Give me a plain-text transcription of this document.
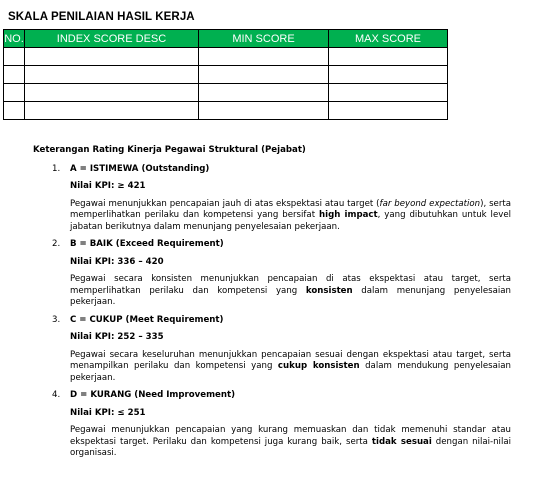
SKALA PENILAIAN HASIL KERJA
NO.	INDEX SCORE DESC	MIN SCORE	MAX SCORE

Keterangan Rating Kinerja Pegawai Struktural (Pejabat)
1. A = ISTIMEWA (Outstanding)
Nilai KPI: ≥ 421
Pegawai menunjukkan pencapaian jauh di atas ekspektasi atau target (far beyond expectation), serta memperlihatkan perilaku dan kompetensi yang bersifat high impact, yang dibutuhkan untuk level jabatan berikutnya dalam menunjang penyelesaian pekerjaan.
2. B = BAIK (Exceed Requirement)
Nilai KPI: 336 – 420
Pegawai secara konsisten menunjukkan pencapaian di atas ekspektasi atau target, serta memperlihatkan perilaku dan kompetensi yang konsisten dalam menunjang penyelesaian pekerjaan.
3. C = CUKUP (Meet Requirement)
Nilai KPI: 252 – 335
Pegawai secara keseluruhan menunjukkan pencapaian sesuai dengan ekspektasi atau target, serta menampilkan perilaku dan kompetensi yang cukup konsisten dalam mendukung penyelesaian pekerjaan.
4. D = KURANG (Need Improvement)
Nilai KPI: ≤ 251
Pegawai menunjukkan pencapaian yang kurang memuaskan dan tidak memenuhi standar atau ekspektasi target. Perilaku dan kompetensi juga kurang baik, serta tidak sesuai dengan nilai-nilai organisasi.
